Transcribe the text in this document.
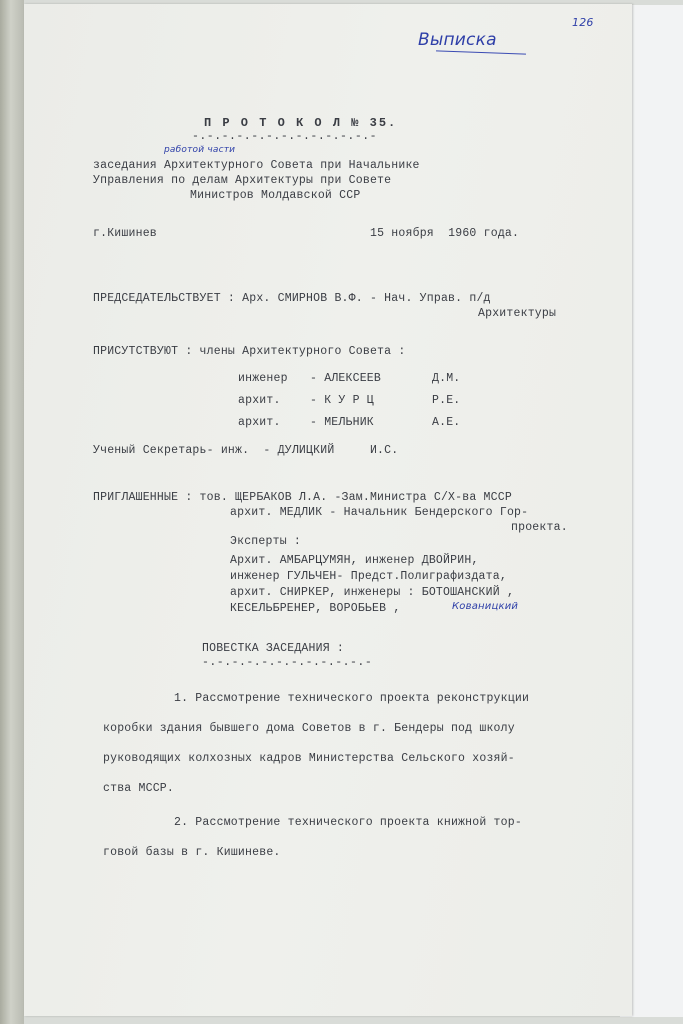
126
Выписка
П Р О Т О К О Л № 35.
-.-.-.-.-.-.-.-.-.-.-.-.-
работой части
заседания Архитектурного Совета при Начальнике
Управления по делам Архитектуры при Совете
Министров Молдавской ССР
г.Кишинев	15 ноября  1960 года.
ПРЕДСЕДАТЕЛЬСТВУЕТ : Арх. СМИРНОВ В.Ф. - Нач. Управ. п/д
Архитектуры
ПРИСУТСТВУЮТ : члены Архитектурного Совета :
инженер - АЛЕКСЕЕВ	Д.М.
архит.	- К У Р Ц	Р.Е.
архит.	- МЕЛЬНИК	А.Е.
Ученый Секретарь- инж.  - ДУЛИЦКИЙ     И.С.
ПРИГЛАШЕННЫЕ : тов. ЩЕРБАКОВ Л.А. -Зам.Министра С/Х-ва МССР
архит. МЕДЛИК - Начальник Бендерского Гор-
проекта.
Эксперты :
Архит. АМБАРЦУМЯН, инженер ДВОЙРИН,
инженер ГУЛЬЧЕН- Предст.Полиграфиздата,
архит. СНИРКЕР, инженеры : БОТОШАНСКИЙ ,
КЕСЕЛЬБРЕНЕР, ВОРОБЬЕВ ,	Кованицкий
ПОВЕСТКА ЗАСЕДАНИЯ :
-.-.-.-.-.-.-.-.-.-.-.-
1. Рассмотрение технического проекта реконструкции
коробки здания бывшего дома Советов в г. Бендеры под школу
руководящих колхозных кадров Министерства Сельского хозяй-
ства МССР.
2. Рассмотрение технического проекта книжной тор-
говой базы в г. Кишиневе.
